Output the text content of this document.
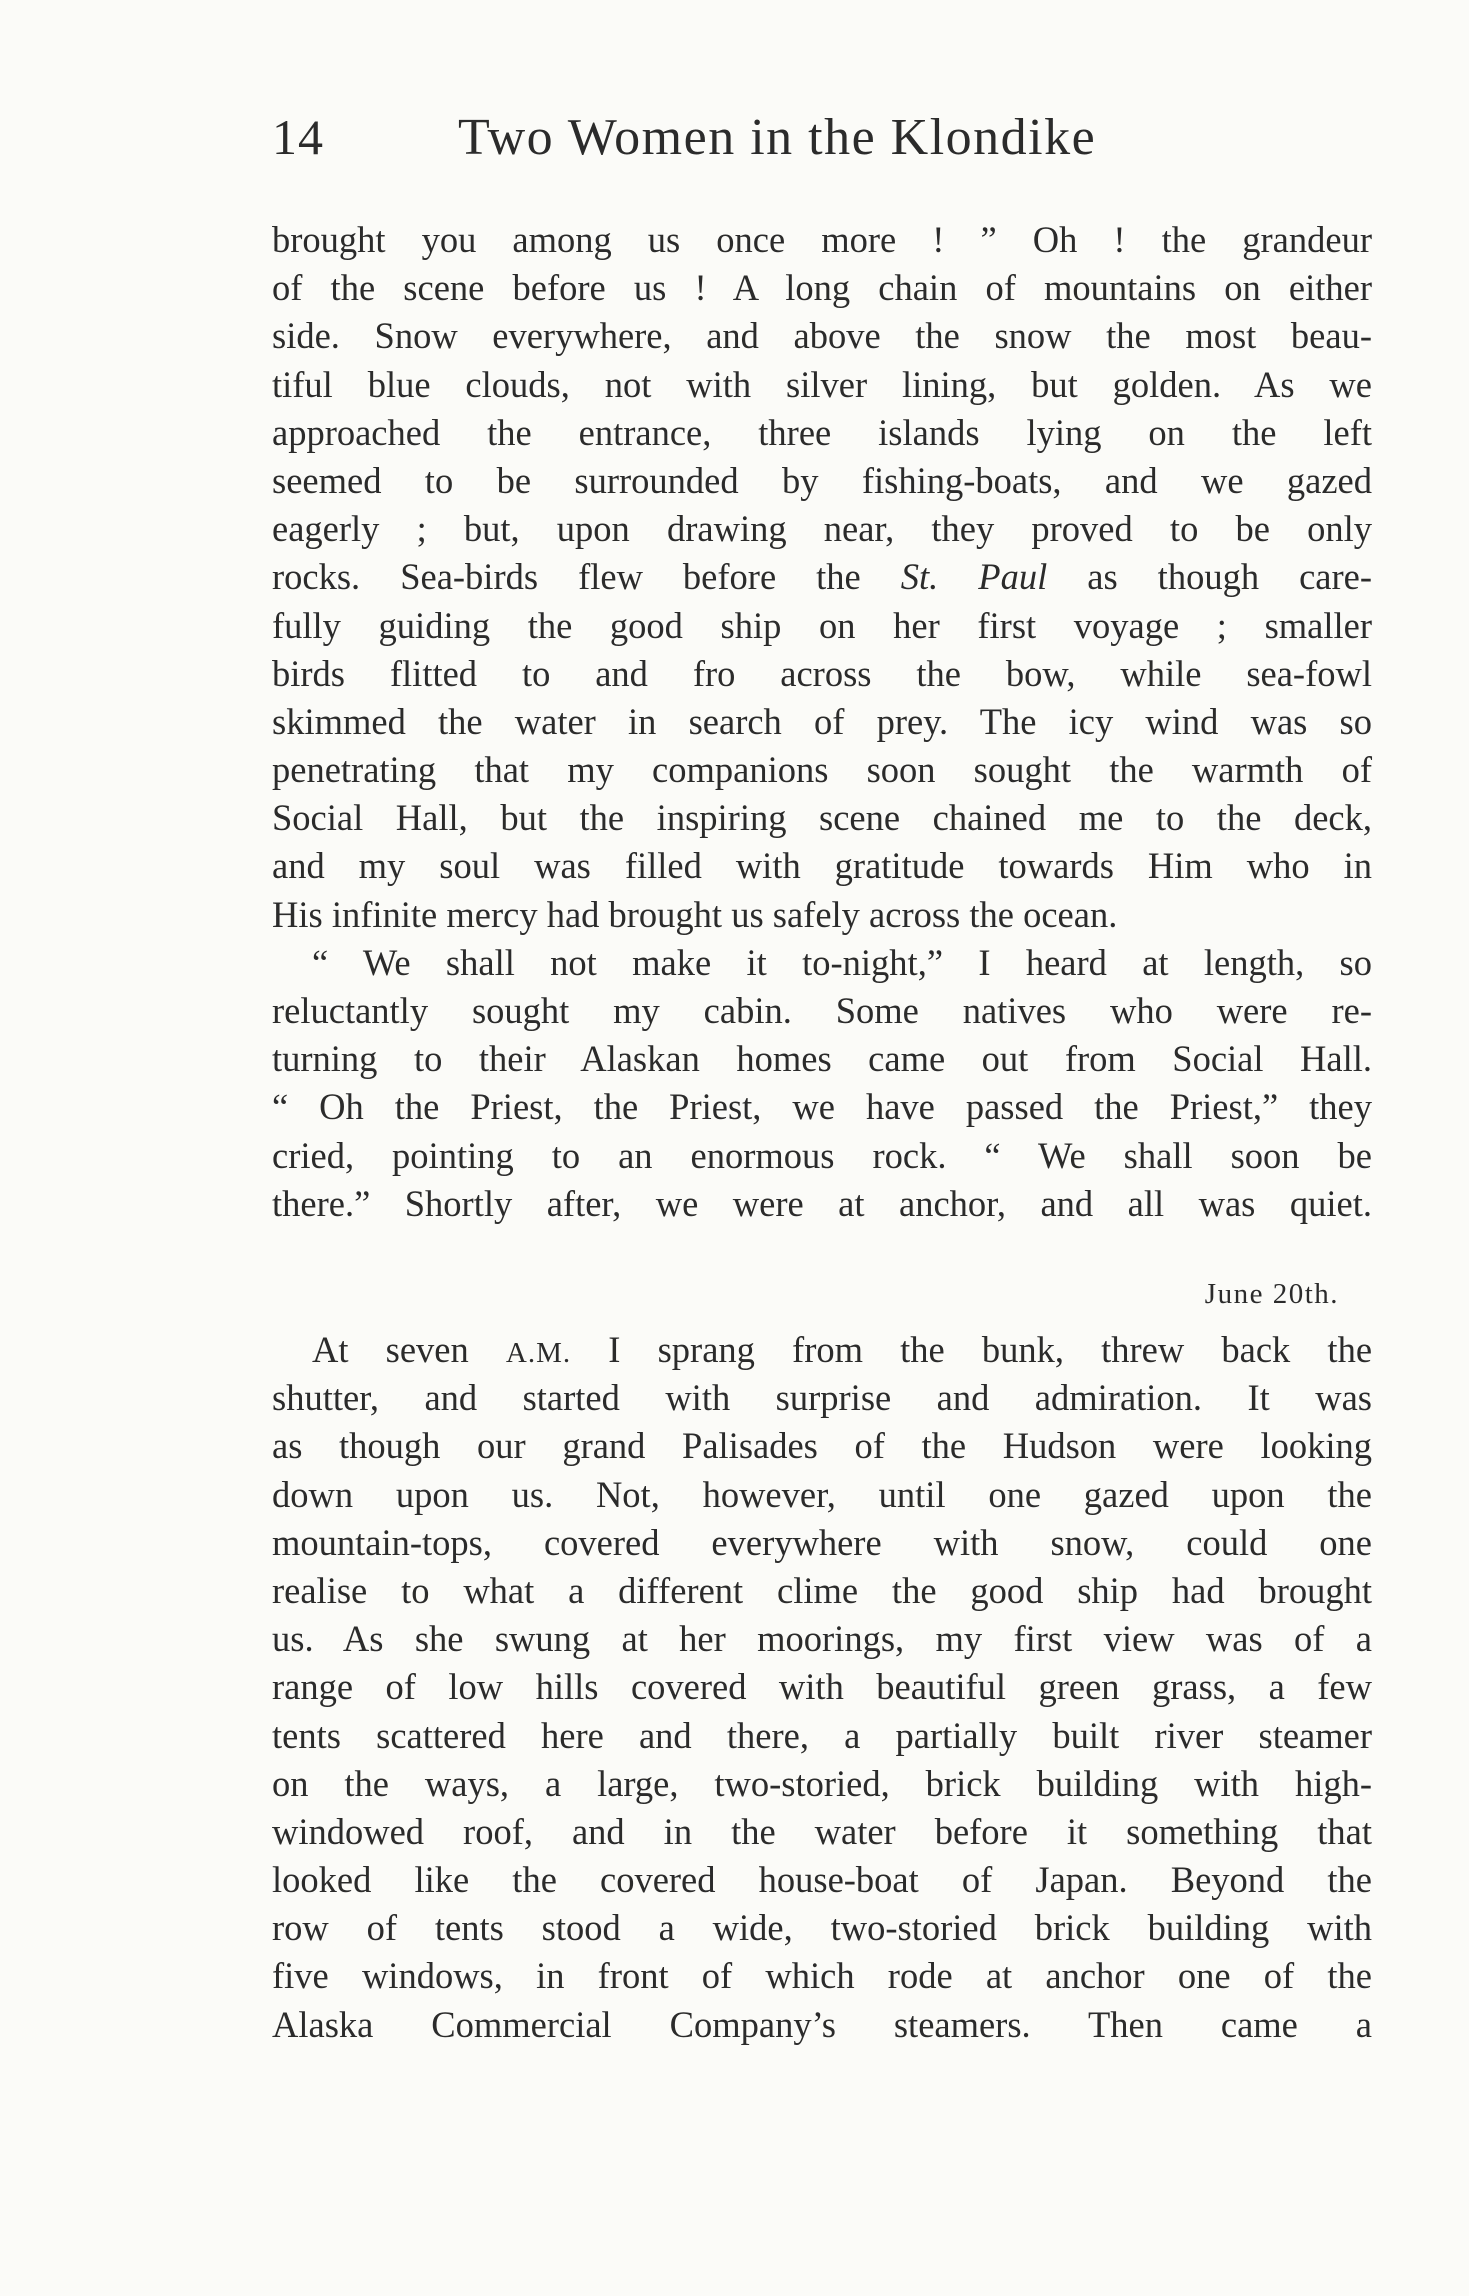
14	Two Women in the Klondike
brought you among us once more ! ” Oh ! the grandeur
of the scene before us ! A long chain of mountains on either
side. Snow everywhere, and above the snow the most beau-
tiful blue clouds, not with silver lining, but golden. As we
approached the entrance, three islands lying on the left
seemed to be surrounded by fishing-boats, and we gazed
eagerly ; but, upon drawing near, they proved to be only
rocks. Sea-birds flew before the St. Paul as though care-
fully guiding the good ship on her first voyage ; smaller
birds flitted to and fro across the bow, while sea-fowl
skimmed the water in search of prey. The icy wind was so
penetrating that my companions soon sought the warmth of
Social Hall, but the inspiring scene chained me to the deck,
and my soul was filled with gratitude towards Him who in
His infinite mercy had brought us safely across the ocean.
“ We shall not make it to-night,” I heard at length, so
reluctantly sought my cabin. Some natives who were re-
turning to their Alaskan homes came out from Social Hall.
“ Oh the Priest, the Priest, we have passed the Priest,” they
cried, pointing to an enormous rock. “ We shall soon be
there.” Shortly after, we were at anchor, and all was quiet.
June 20th.
At seven A.M. I sprang from the bunk, threw back the
shutter, and started with surprise and admiration. It was
as though our grand Palisades of the Hudson were looking
down upon us. Not, however, until one gazed upon the
mountain-tops, covered everywhere with snow, could one
realise to what a different clime the good ship had brought
us. As she swung at her moorings, my first view was of a
range of low hills covered with beautiful green grass, a few
tents scattered here and there, a partially built river steamer
on the ways, a large, two-storied, brick building with high-
windowed roof, and in the water before it something that
looked like the covered house-boat of Japan. Beyond the
row of tents stood a wide, two-storied brick building with
five windows, in front of which rode at anchor one of the
Alaska Commercial Company’s steamers. Then came a
